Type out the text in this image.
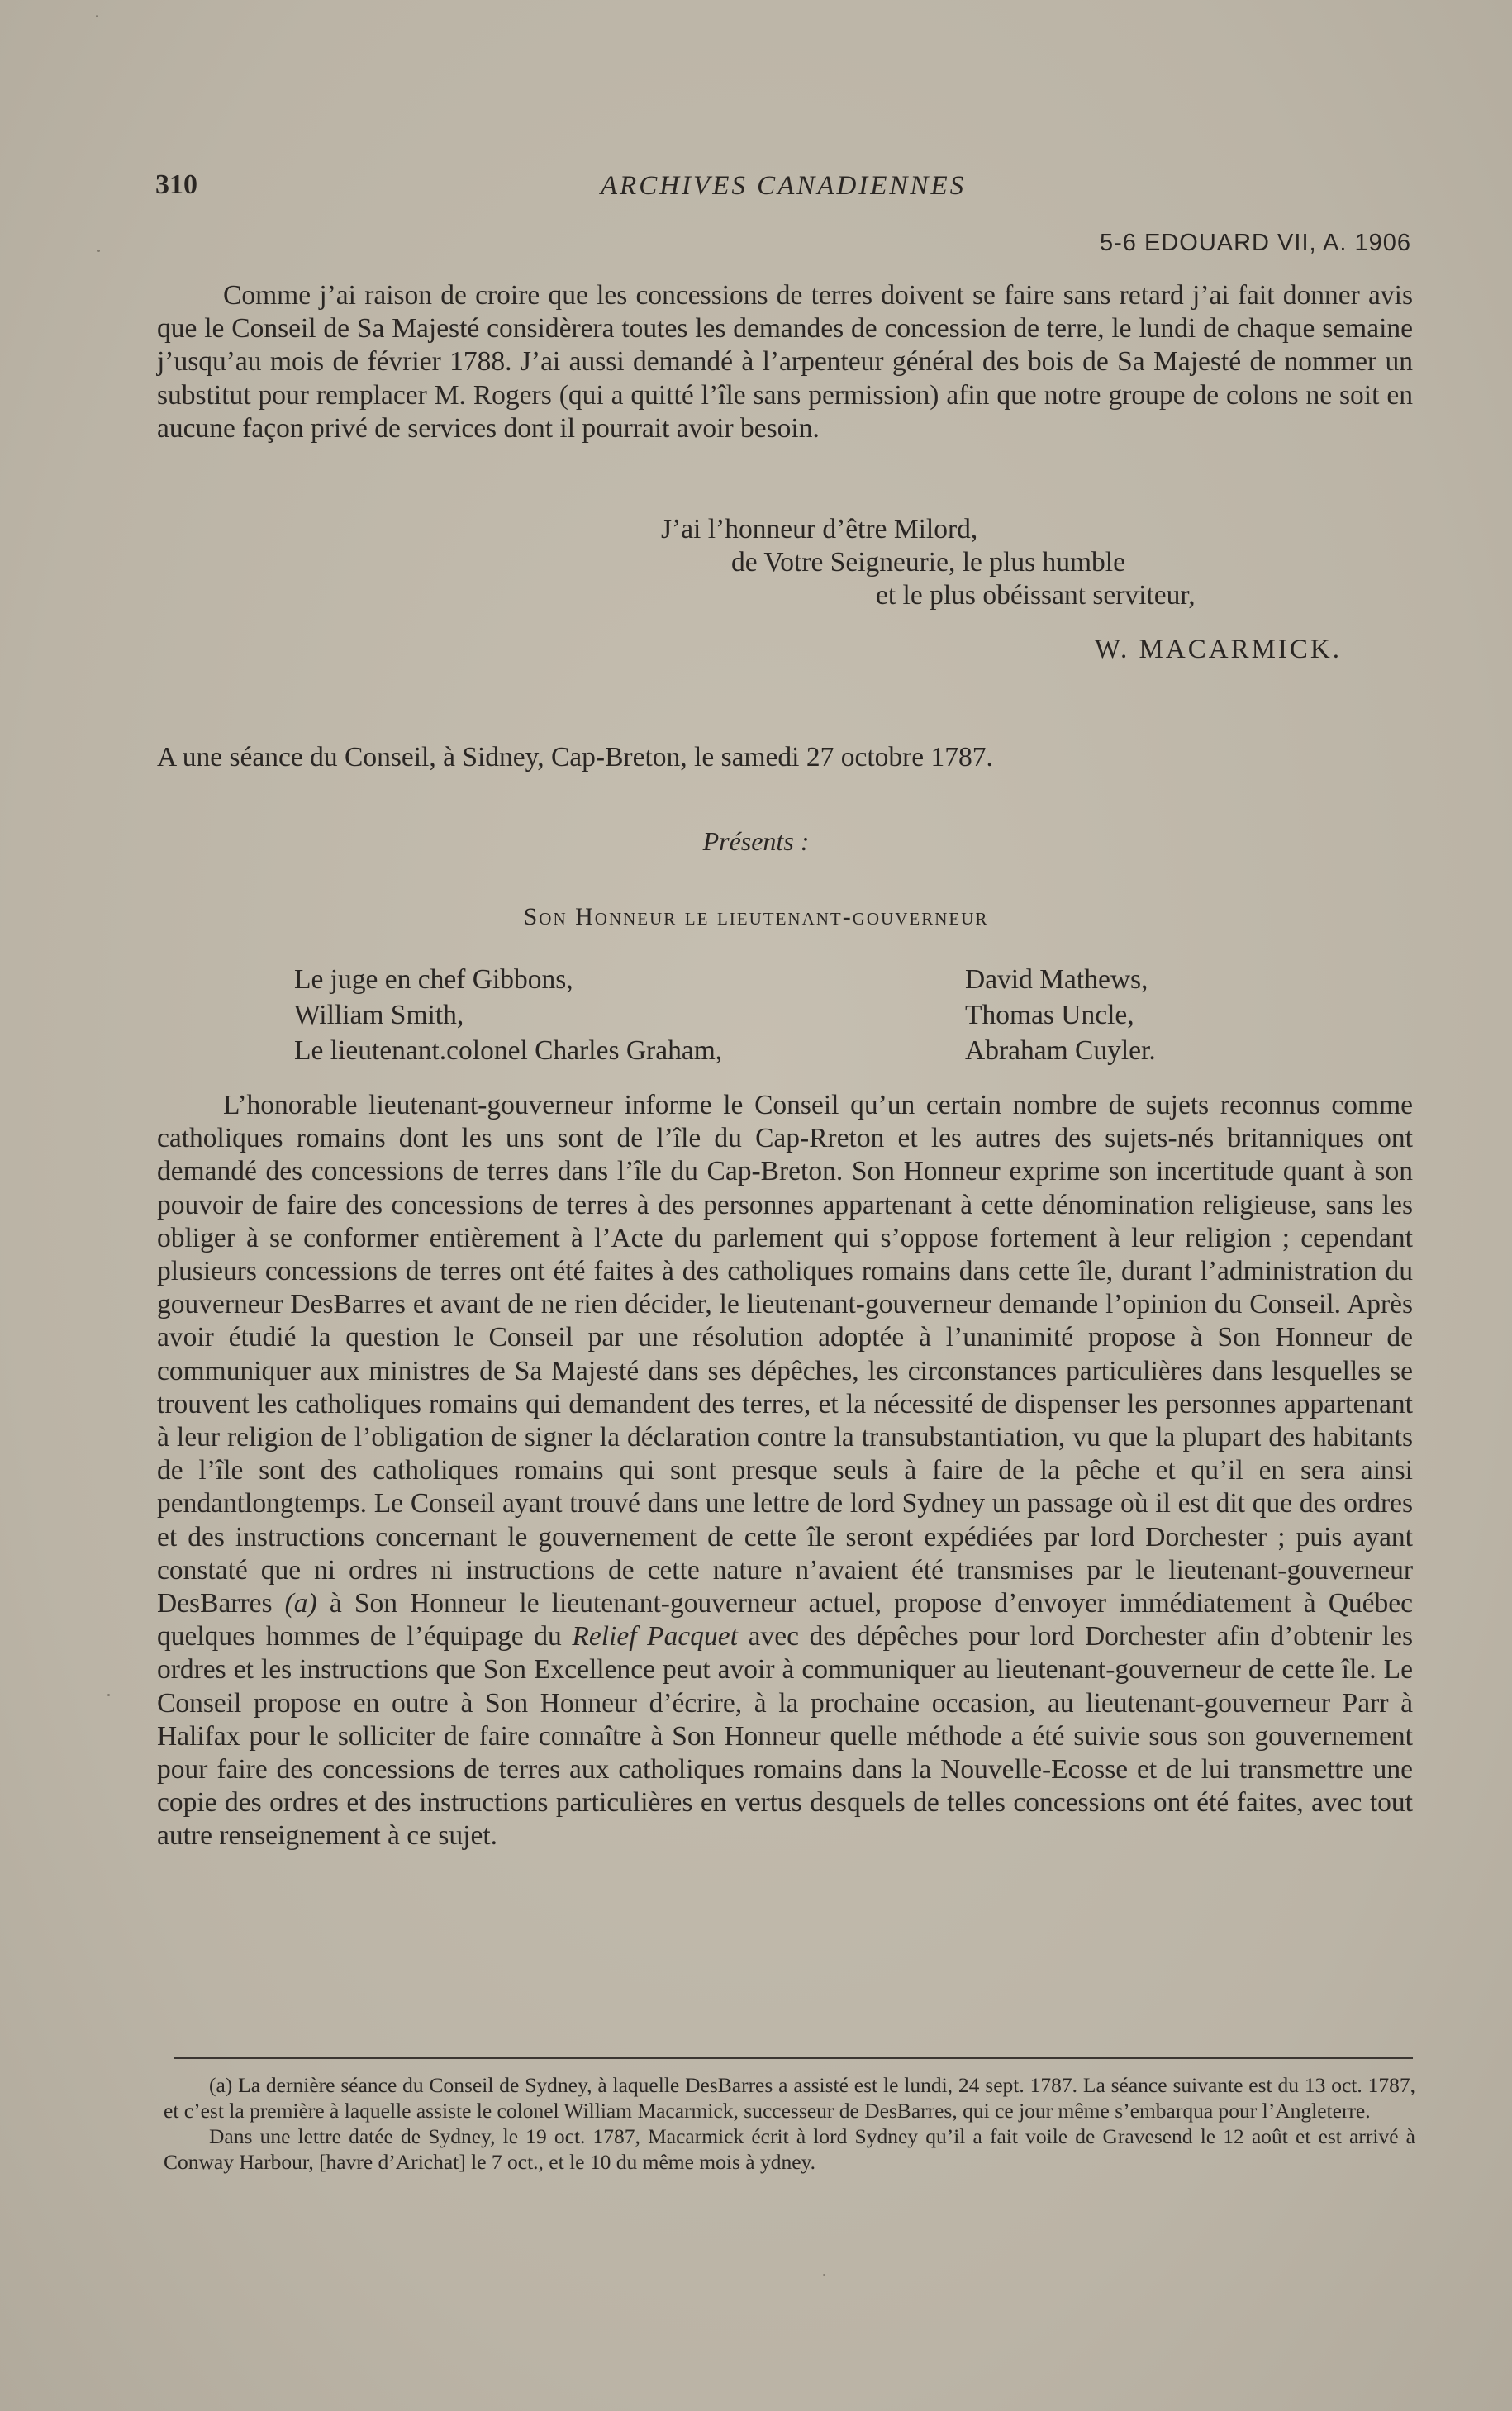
310	ARCHIVES CANADIENNES
5-6 EDOUARD VII, A. 1906

Comme j’ai raison de croire que les concessions de terres doivent se faire sans retard j’ai fait donner avis que le Conseil de Sa Majesté considèrera toutes les demandes de concession de terre, le lundi de chaque semaine j’usqu’au mois de février 1788. J’ai aussi demandé à l’arpenteur général des bois de Sa Majesté de nommer un substitut pour remplacer M. Rogers (qui a quitté l’île sans permission) afin que notre groupe de colons ne soit en aucune façon privé de services dont il pourrait avoir besoin.

J’ai l’honneur d’être Milord,
de Votre Seigneurie, le plus humble
et le plus obéissant serviteur,
W. MACARMICK.
A une séance du Conseil, à Sidney, Cap-Breton, le samedi 27 octobre 1787.
Présents :
Son Honneur le lieutenant-gouverneur
Le juge en chef Gibbons,
William Smith,
Le lieutenant.colonel Charles Graham,
David Mathews,
Thomas Uncle,
Abraham Cuyler.

L’honorable lieutenant-gouverneur informe le Conseil qu’un certain nombre de sujets reconnus comme catholiques romains dont les uns sont de l’île du Cap-Rreton et les autres des sujets-nés britanniques ont demandé des concessions de terres dans l’île du Cap-Breton. Son Honneur exprime son incertitude quant à son pouvoir de faire des concessions de terres à des personnes appartenant à cette dénomination religieuse, sans les obliger à se conformer entièrement à l’Acte du parlement qui s’oppose fortement à leur religion ; cependant plusieurs concessions de terres ont été faites à des catholiques romains dans cette île, durant l’administration du gouverneur DesBarres et avant de ne rien décider, le lieutenant-gouverneur demande l’opinion du Conseil. Après avoir étudié la question le Conseil par une résolution adoptée à l’unanimité propose à Son Honneur de communiquer aux ministres de Sa Majesté dans ses dépêches, les circonstances particulières dans lesquelles se trouvent les catholiques romains qui demandent des terres, et la nécessité de dispenser les personnes appartenant à leur religion de l’obligation de signer la déclaration contre la transubstantiation, vu que la plupart des habitants de l’île sont des catholiques romains qui sont presque seuls à faire de la pêche et qu’il en sera ainsi pendantlongtemps. Le Conseil ayant trouvé dans une lettre de lord Sydney un passage où il est dit que des ordres et des instructions concernant le gouvernement de cette île seront expédiées par lord Dorchester ; puis ayant constaté que ni ordres ni instructions de cette nature n’avaient été transmises par le lieutenant-gouverneur DesBarres (a) à Son Honneur le lieutenant-gouverneur actuel, propose d’envoyer immédiatement à Québec quelques hommes de l’équipage du Relief Pacquet avec des dépêches pour lord Dorchester afin d’obtenir les ordres et les instructions que Son Excellence peut avoir à communiquer au lieutenant-gouverneur de cette île. Le Conseil propose en outre à Son Honneur d’écrire, à la prochaine occasion, au lieutenant-gouverneur Parr à Halifax pour le solliciter de faire connaître à Son Honneur quelle méthode a été suivie sous son gouvernement pour faire des concessions de terres aux catholiques romains dans la Nouvelle-Ecosse et de lui transmettre une copie des ordres et des instructions particulières en vertus desquels de telles concessions ont été faites, avec tout autre renseignement à ce sujet.

(a) La dernière séance du Conseil de Sydney, à laquelle DesBarres a assisté est le lundi, 24 sept. 1787. La séance suivante est du 13 oct. 1787, et c’est la première à laquelle assiste le colonel William Macarmick, successeur de DesBarres, qui ce jour même s’embarqua pour l’Angleterre.

Dans une lettre datée de Sydney, le 19 oct. 1787, Macarmick écrit à lord Sydney qu’il a fait voile de Gravesend le 12 août et est arrivé à Conway Harbour, [havre d’Arichat] le 7 oct., et le 10 du même mois à ydney.
